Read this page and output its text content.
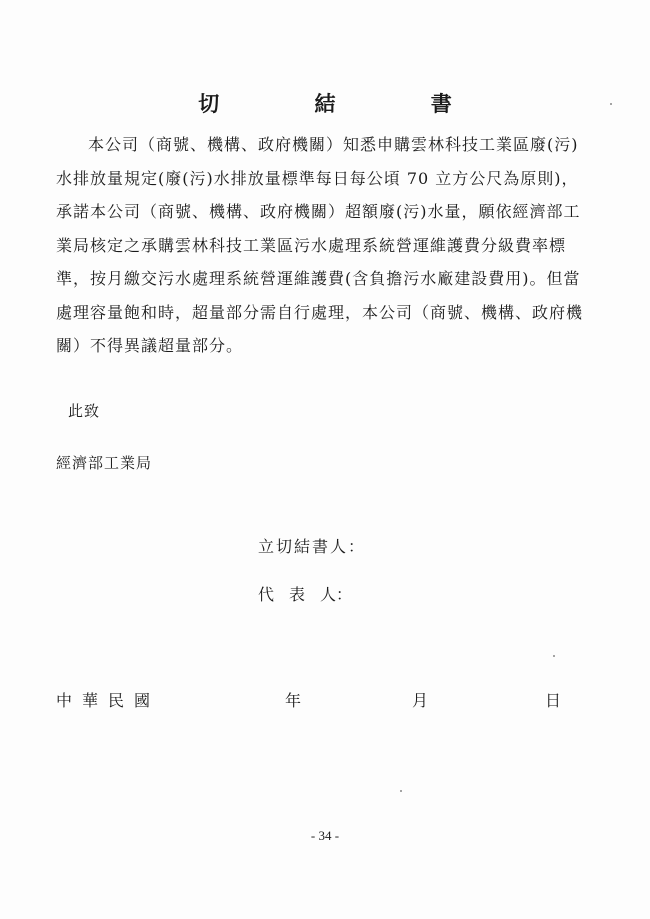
切 結 書
本公司（商號、機構、政府機關）知悉申購雲林科技工業區廢(污)
水排放量規定(廢(污)水排放量標準每日每公頃 70 立方公尺為原則)，
承諾本公司（商號、機構、政府機關）超額廢(污)水量，願依經濟部工
業局核定之承購雲林科技工業區污水處理系統營運維護費分級費率標
準，按月繳交污水處理系統營運維護費(含負擔污水廠建設費用)。但當
處理容量飽和時，超量部分需自行處理，本公司（商號、機構、政府機
關）不得異議超量部分。
此致
經濟部工業局
立切結書人：
代 表 人：
中華民國	年	月	日
- 34 -
